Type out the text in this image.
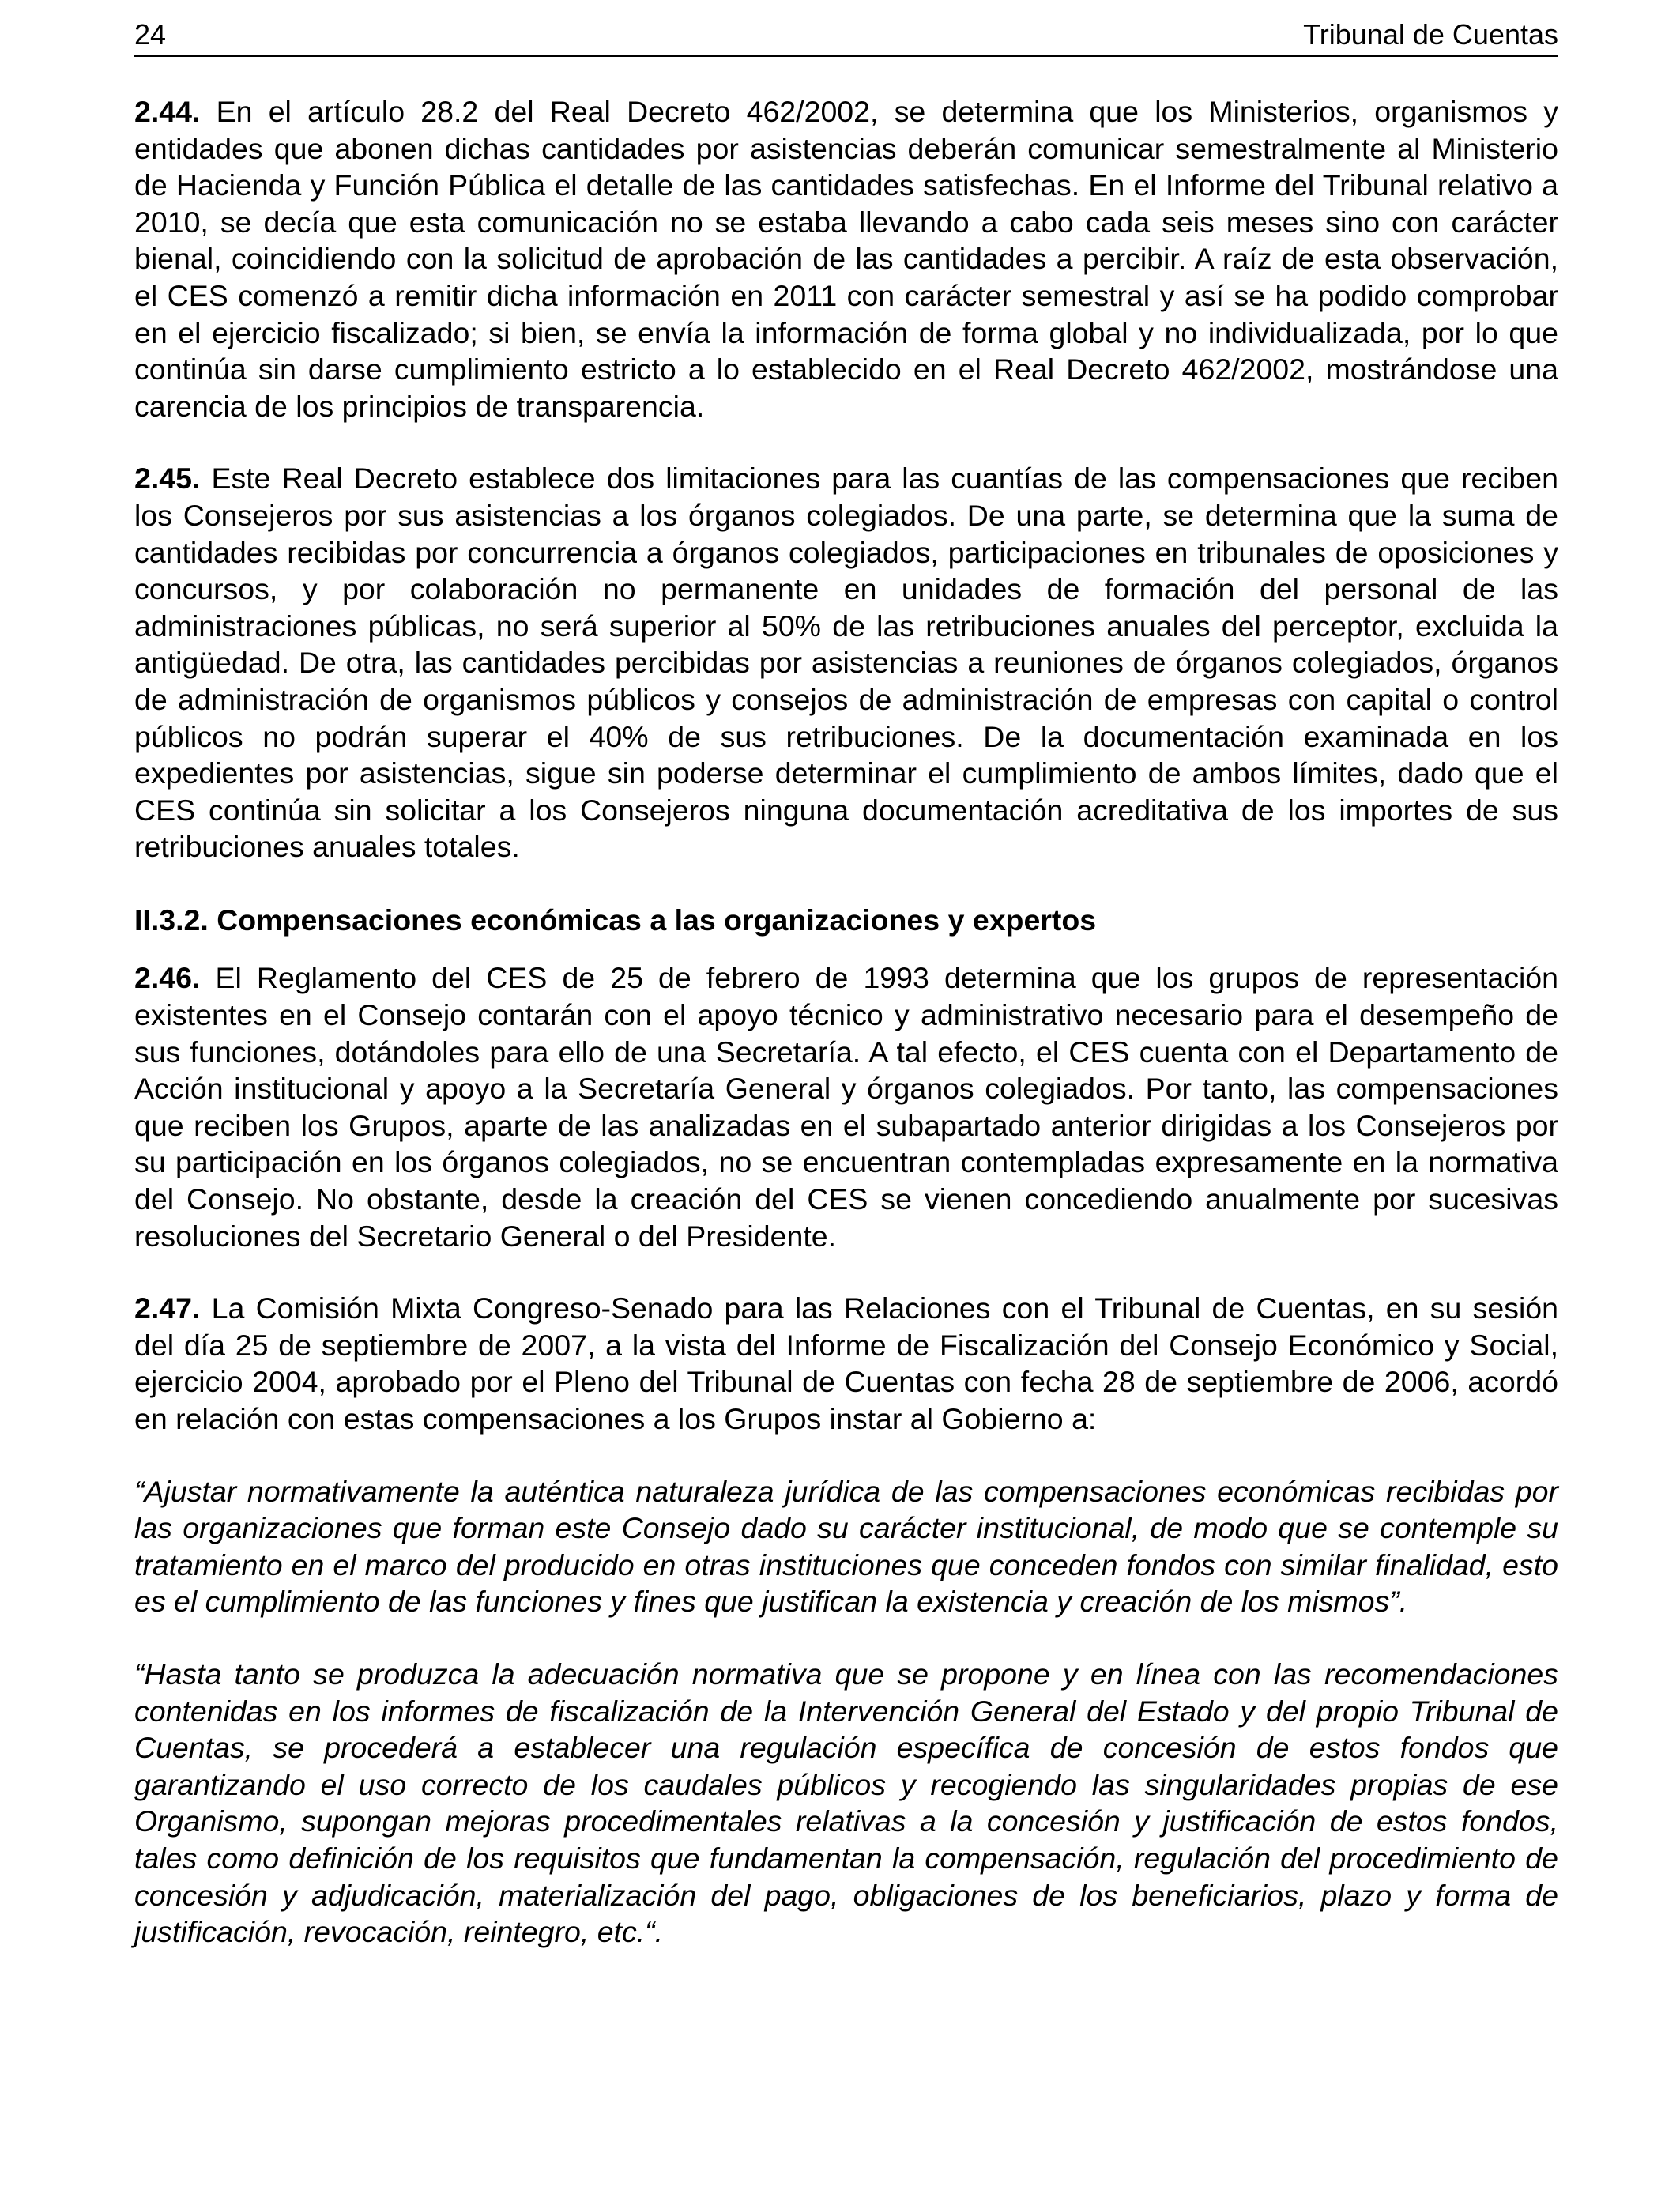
24	Tribunal de Cuentas

2.44. En el artículo 28.2 del Real Decreto 462/2002, se determina que los Ministerios, organismos y entidades que abonen dichas cantidades por asistencias deberán comunicar semestralmente al Ministerio de Hacienda y Función Pública el detalle de las cantidades satisfechas. En el Informe del Tribunal relativo a 2010, se decía que esta comunicación no se estaba llevando a cabo cada seis meses sino con carácter bienal, coincidiendo con la solicitud de aprobación de las cantidades a percibir. A raíz de esta observación, el CES comenzó a remitir dicha información en 2011 con carácter semestral y así se ha podido comprobar en el ejercicio fiscalizado; si bien, se envía la información de forma global y no individualizada, por lo que continúa sin darse cumplimiento estricto a lo establecido en el Real Decreto 462/2002, mostrándose una carencia de los principios de transparencia.

2.45. Este Real Decreto establece dos limitaciones para las cuantías de las compensaciones que reciben los Consejeros por sus asistencias a los órganos colegiados. De una parte, se determina que la suma de cantidades recibidas por concurrencia a órganos colegiados, participaciones en tribunales de oposiciones y concursos, y por colaboración no permanente en unidades de formación del personal de las administraciones públicas, no será superior al 50% de las retribuciones anuales del perceptor, excluida la antigüedad. De otra, las cantidades percibidas por asistencias a reuniones de órganos colegiados, órganos de administración de organismos públicos y consejos de administración de empresas con capital o control públicos no podrán superar el 40% de sus retribuciones. De la documentación examinada en los expedientes por asistencias, sigue sin poderse determinar el cumplimiento de ambos límites, dado que el CES continúa sin solicitar a los Consejeros ninguna documentación acreditativa de los importes de sus retribuciones anuales totales.

II.3.2. Compensaciones económicas a las organizaciones y expertos

2.46. El Reglamento del CES de 25 de febrero de 1993 determina que los grupos de representación existentes en el Consejo contarán con el apoyo técnico y administrativo necesario para el desempeño de sus funciones, dotándoles para ello de una Secretaría. A tal efecto, el CES cuenta con el Departamento de Acción institucional y apoyo a la Secretaría General y órganos colegiados. Por tanto, las compensaciones que reciben los Grupos, aparte de las analizadas en el subapartado anterior dirigidas a los Consejeros por su participación en los órganos colegiados, no se encuentran contempladas expresamente en la normativa del Consejo. No obstante, desde la creación del CES se vienen concediendo anualmente por sucesivas resoluciones del Secretario General o del Presidente.

2.47. La Comisión Mixta Congreso-Senado para las Relaciones con el Tribunal de Cuentas, en su sesión del día 25 de septiembre de 2007, a la vista del Informe de Fiscalización del Consejo Económico y Social, ejercicio 2004, aprobado por el Pleno del Tribunal de Cuentas con fecha 28 de septiembre de 2006, acordó en relación con estas compensaciones a los Grupos instar al Gobierno a:

“Ajustar normativamente la auténtica naturaleza jurídica de las compensaciones económicas recibidas por las organizaciones que forman este Consejo dado su carácter institucional, de modo que se contemple su tratamiento en el marco del producido en otras instituciones que conceden fondos con similar finalidad, esto es el cumplimiento de las funciones y fines que justifican la existencia y creación de los mismos”.

“Hasta tanto se produzca la adecuación normativa que se propone y en línea con las recomendaciones contenidas en los informes de fiscalización de la Intervención General del Estado y del propio Tribunal de Cuentas, se procederá a establecer una regulación específica de concesión de estos fondos que garantizando el uso correcto de los caudales públicos y recogiendo las singularidades propias de ese Organismo, supongan mejoras procedimentales relativas a la concesión y justificación de estos fondos, tales como definición de los requisitos que fundamentan la compensación, regulación del procedimiento de concesión y adjudicación, materialización del pago, obligaciones de los beneficiarios, plazo y forma de justificación, revocación, reintegro, etc.“.
